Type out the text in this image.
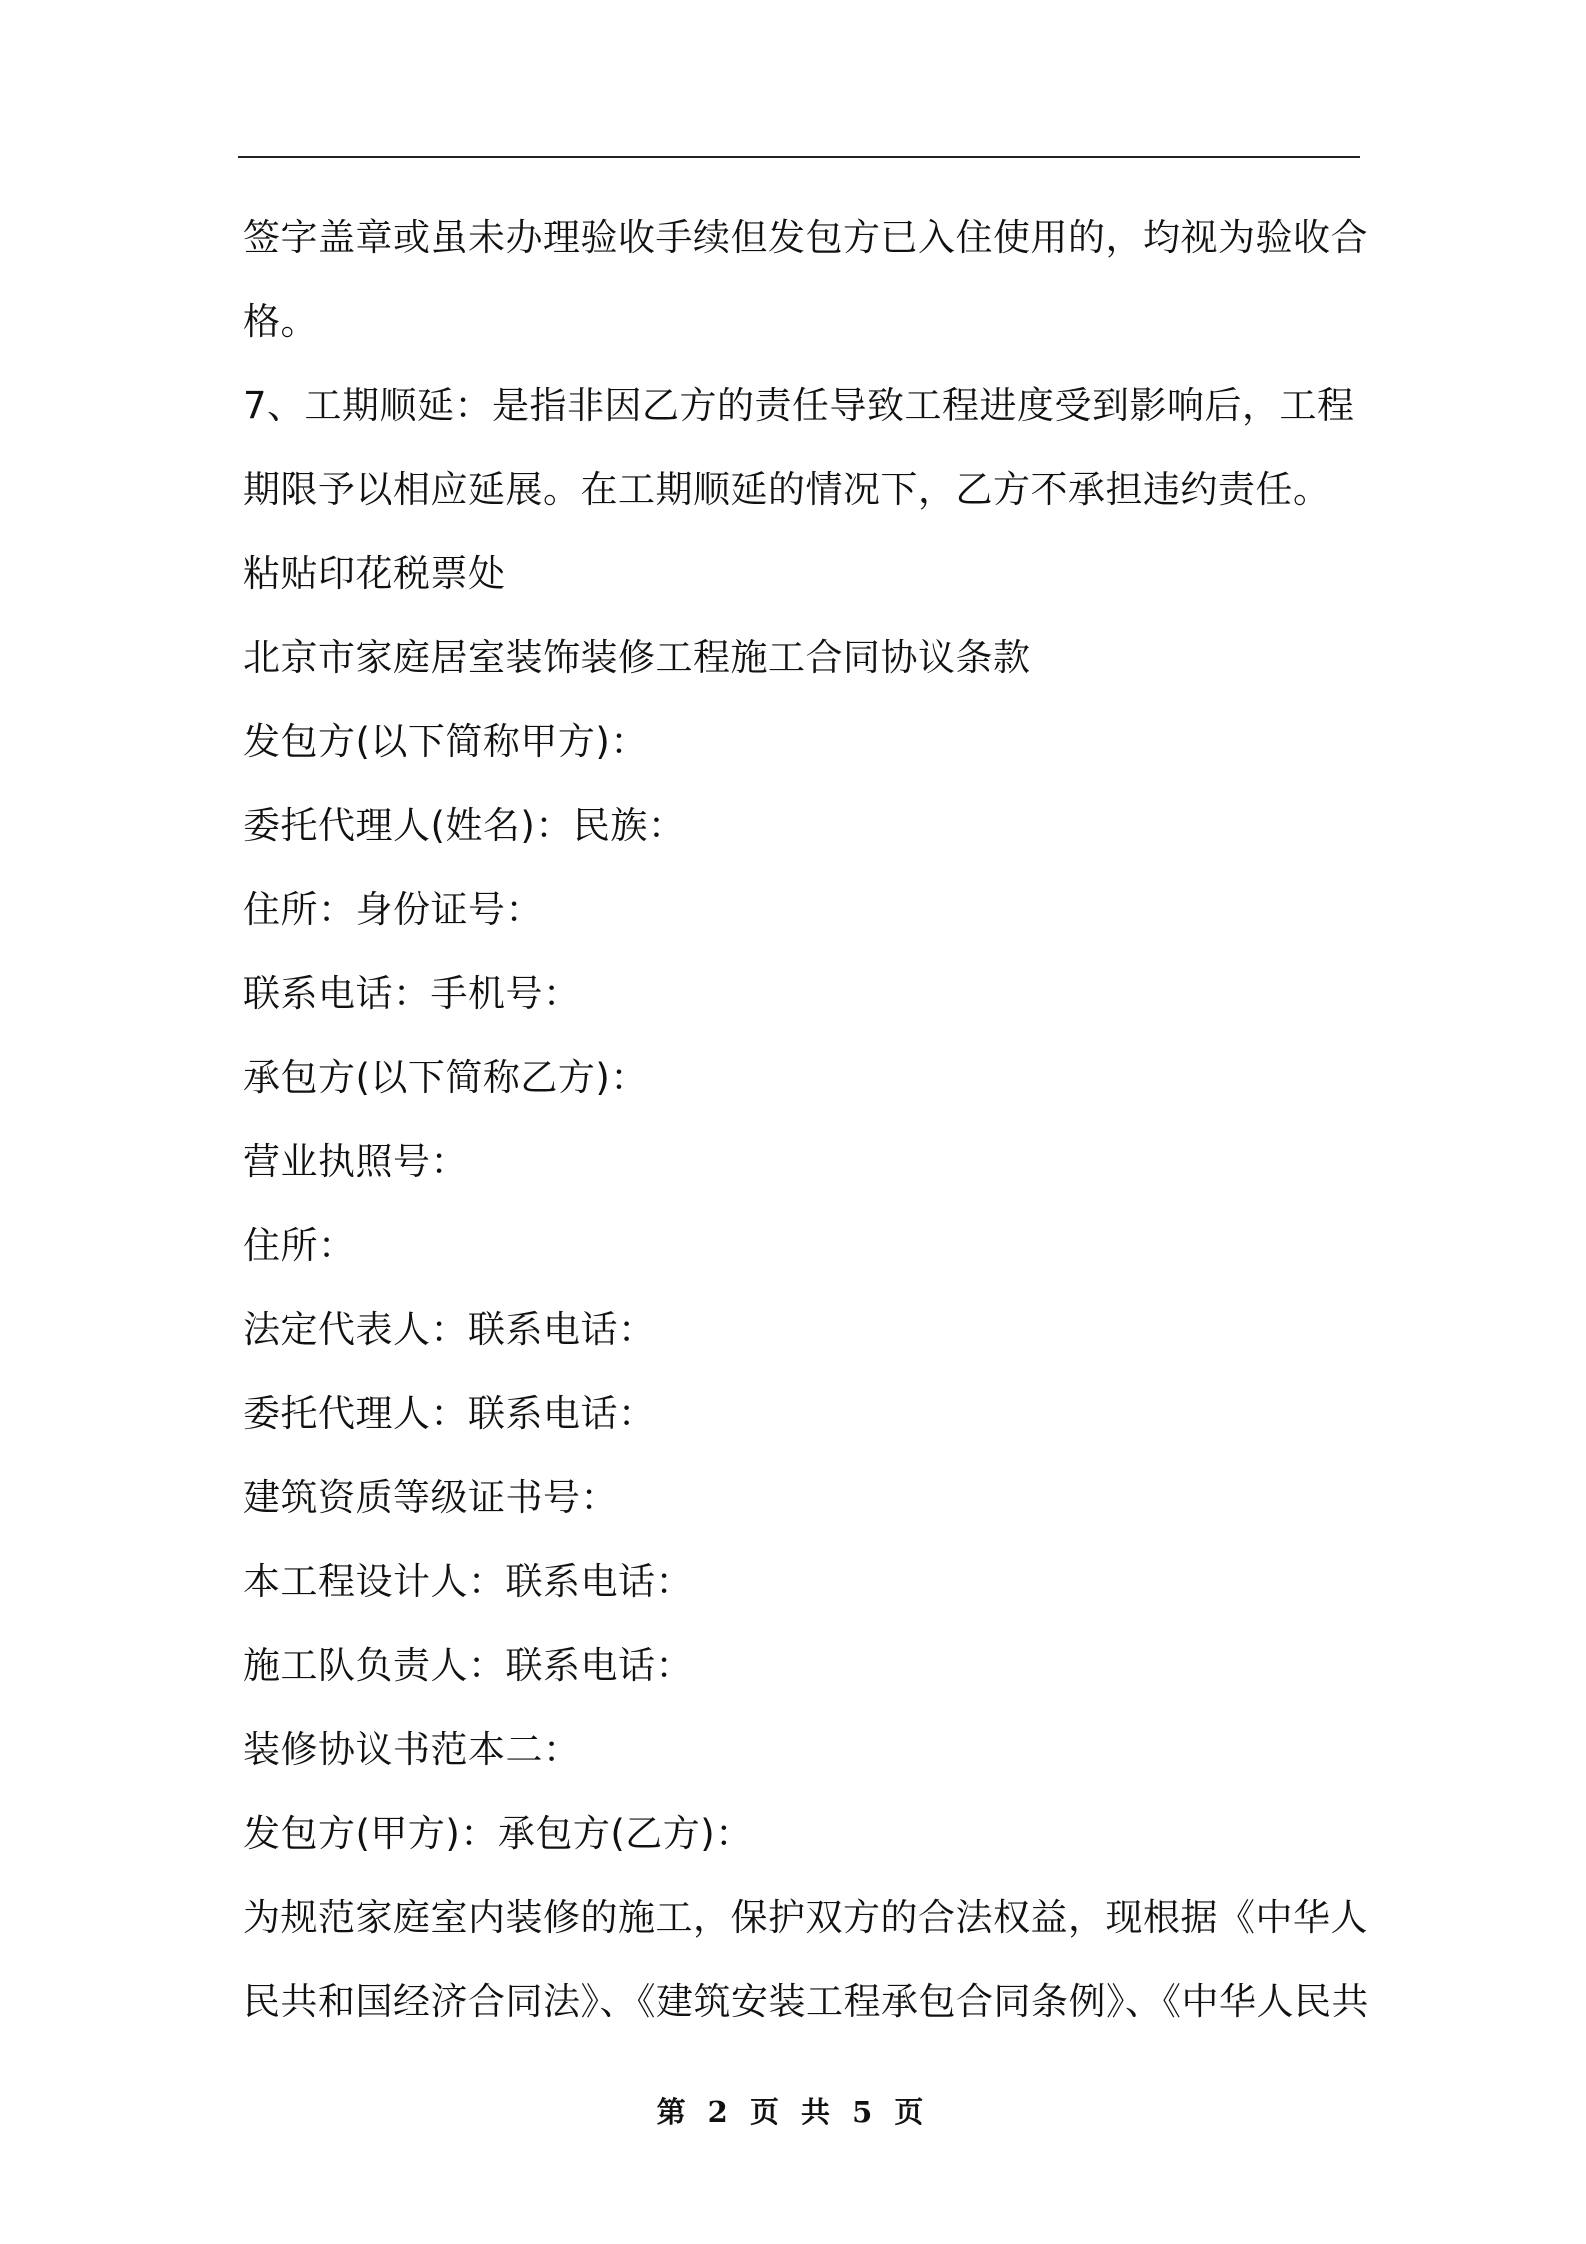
签字盖章或虽未办理验收手续但发包方已入住使用的，均视为验收合
格。
7、工期顺延：是指非因乙方的责任导致工程进度受到影响后，工程
期限予以相应延展。在工期顺延的情况下，乙方不承担违约责任。
粘贴印花税票处
北京市家庭居室装饰装修工程施工合同协议条款
发包方(以下简称甲方)：
委托代理人(姓名)：民族：
住所：身份证号：
联系电话：手机号：
承包方(以下简称乙方)：
营业执照号：
住所：
法定代表人：联系电话：
委托代理人：联系电话：
建筑资质等级证书号：
本工程设计人：联系电话：
施工队负责人：联系电话：
装修协议书范本二：
发包方(甲方)：承包方(乙方)：
为规范家庭室内装修的施工，保护双方的合法权益，现根据《中华人
民共和国经济合同法》、《建筑安装工程承包合同条例》、《中华人民共
第 2 页 共 5 页
